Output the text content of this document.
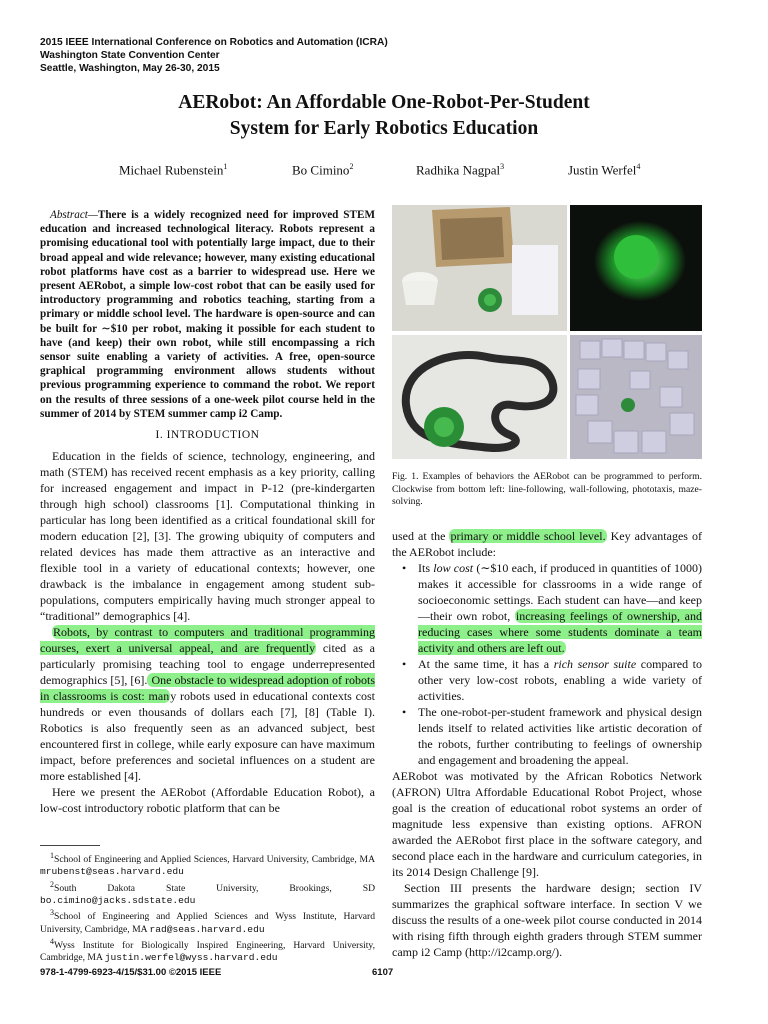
2015 IEEE International Conference on Robotics and Automation (ICRA)
Washington State Convention Center
Seattle, Washington, May 26-30, 2015
AERobot: An Affordable One-Robot-Per-Student
System for Early Robotics Education
Michael Rubenstein$^1$	Bo Cimino$^2$	Radhika Nagpal$^3$	Justin Werfel$^4$
Abstract—There is a widely recognized need for improved STEM education and increased technological literacy. Robots represent a promising educational tool with potentially large impact, due to their broad appeal and wide relevance; however, many existing educational robot platforms have cost as a barrier to widespread use. Here we present AERobot, a simple low-cost robot that can be easily used for introductory programming and robotics teaching, starting from a primary or middle school level. The hardware is open-source and can be built for ∼$10 per robot, making it possible for each student to have (and keep) their own robot, while still encompassing a rich sensor suite enabling a variety of activities. A free, open-source graphical programming environment allows students without previous programming experience to command the robot. We report on the results of three sessions of a one-week pilot course held in the summer of 2014 by STEM summer camp i2 Camp.
I. INTRODUCTION

Education in the fields of science, technology, engineering, and math (STEM) has received recent emphasis as a key priority, calling for increased engagement and impact in P-12 (pre-kindergarten through high school) classrooms [1]. Computational thinking in particular has long been identified as a critical foundational skill for modern education [2], [3]. The growing ubiquity of computers and related devices has made them attractive as an interactive and flexible tool in a variety of educational contexts; however, one drawback is the imbalance in engagement among student sub-populations, computers empirically having much stronger appeal to “traditional” demographics [4].

Robots, by contrast to computers and traditional programming courses, exert a universal appeal, and are frequently cited as a particularly promising teaching tool to engage underrepresented demographics [5], [6]. One obstacle to widespread adoption of robots in classrooms is cost: many robots used in educational contexts cost hundreds or even thousands of dollars each [7], [8] (Table I). Robotics is also frequently seen as an advanced subject, best encountered first in college, while early exposure can have maximum impact, before preferences and societal influences on a student are more established [4].

Here we present the AERobot (Affordable Education Robot), a low-cost introductory robotic platform that can be

$^1$School of Engineering and Applied Sciences, Harvard University, Cambridge, MA mrubenst@seas.harvard.edu

$^2$South Dakota State University, Brookings, SD bo.cimino@jacks.sdstate.edu

$^3$School of Engineering and Applied Sciences and Wyss Institute, Harvard University, Cambridge, MA rad@seas.harvard.edu

$^4$Wyss Institute for Biologically Inspired Engineering, Harvard University, Cambridge, MA justin.werfel@wyss.harvard.edu

Fig. 1. Examples of behaviors the AERobot can be programmed to perform. Clockwise from bottom left: line-following, wall-following, phototaxis, maze-solving.

used at the primary or middle school level. Key advantages of the AERobot include:

• Its low cost (∼$10 each, if produced in quantities of 1000) makes it accessible for classrooms in a wide range of socioeconomic settings. Each student can have—and keep—their own robot, increasing feelings of ownership, and reducing cases where some students dominate a team activity and others are left out.
• At the same time, it has a rich sensor suite compared to other very low-cost robots, enabling a wide variety of activities.
• The one-robot-per-student framework and physical design lends itself to related activities like artistic decoration of the robots, further contributing to feelings of ownership and engagement and broadening the appeal.

AERobot was motivated by the African Robotics Network (AFRON) Ultra Affordable Educational Robot Project, whose goal is the creation of educational robot systems an order of magnitude less expensive than existing options. AFRON awarded the AERobot first place in the software category, and second place each in the hardware and curriculum categories, in its 2014 Design Challenge [9].

Section III presents the hardware design; section IV summarizes the graphical software interface. In section V we discuss the results of a one-week pilot course conducted in 2014 with rising fifth through eighth graders through STEM summer camp i2 Camp (http://i2camp.org/).

978-1-4799-6923-4/15/$31.00 ©2015 IEEE	6107
